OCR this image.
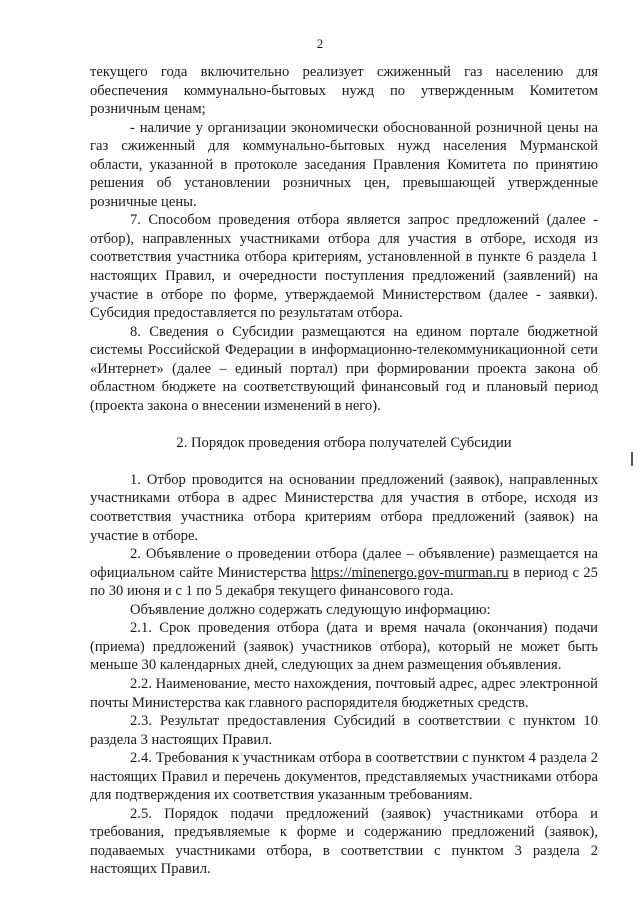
2

текущего года включительно реализует сжиженный газ населению для обеспечения коммунально-бытовых нужд по утвержденным Комитетом розничным ценам;

- наличие у организации экономически обоснованной розничной цены на газ сжиженный для коммунально-бытовых нужд населения Мурманской области, указанной в протоколе заседания Правления Комитета по принятию решения об установлении розничных цен, превышающей утвержденные розничные цены.

7. Способом проведения отбора является запрос предложений (далее - отбор), направленных участниками отбора для участия в отборе, исходя из соответствия участника отбора критериям, установленной в пункте 6 раздела 1 настоящих Правил, и очередности поступления предложений (заявлений) на участие в отборе по форме, утверждаемой Министерством (далее - заявки). Субсидия предоставляется по результатам отбора.

8. Сведения о Субсидии размещаются на едином портале бюджетной системы Российской Федерации в информационно-телекоммуникационной сети «Интернет» (далее – единый портал) при формировании проекта закона об областном бюджете на соответствующий финансовый год и плановый период (проекта закона о внесении изменений в него).

2. Порядок проведения отбора получателей Субсидии

1. Отбор проводится на основании предложений (заявок), направленных участниками отбора в адрес Министерства для участия в отборе, исходя из соответствия участника отбора критериям отбора предложений (заявок) на участие в отборе.

2. Объявление о проведении отбора (далее – объявление) размещается на официальном сайте Министерства https://minenergo.gov-murman.ru в период с 25 по 30 июня и с 1 по 5 декабря текущего финансового года.

Объявление должно содержать следующую информацию:

2.1. Срок проведения отбора (дата и время начала (окончания) подачи (приема) предложений (заявок) участников отбора), который не может быть меньше 30 календарных дней, следующих за днем размещения объявления.

2.2. Наименование, место нахождения, почтовый адрес, адрес электронной почты Министерства как главного распорядителя бюджетных средств.

2.3. Результат предоставления Субсидий в соответствии с пунктом 10 раздела 3 настоящих Правил.

2.4. Требования к участникам отбора в соответствии с пунктом 4 раздела 2 настоящих Правил и перечень документов, представляемых участниками отбора для подтверждения их соответствия указанным требованиям.

2.5. Порядок подачи предложений (заявок) участниками отбора и требования, предъявляемые к форме и содержанию предложений (заявок), подаваемых участниками отбора, в соответствии с пунктом 3 раздела 2 настоящих Правил.
